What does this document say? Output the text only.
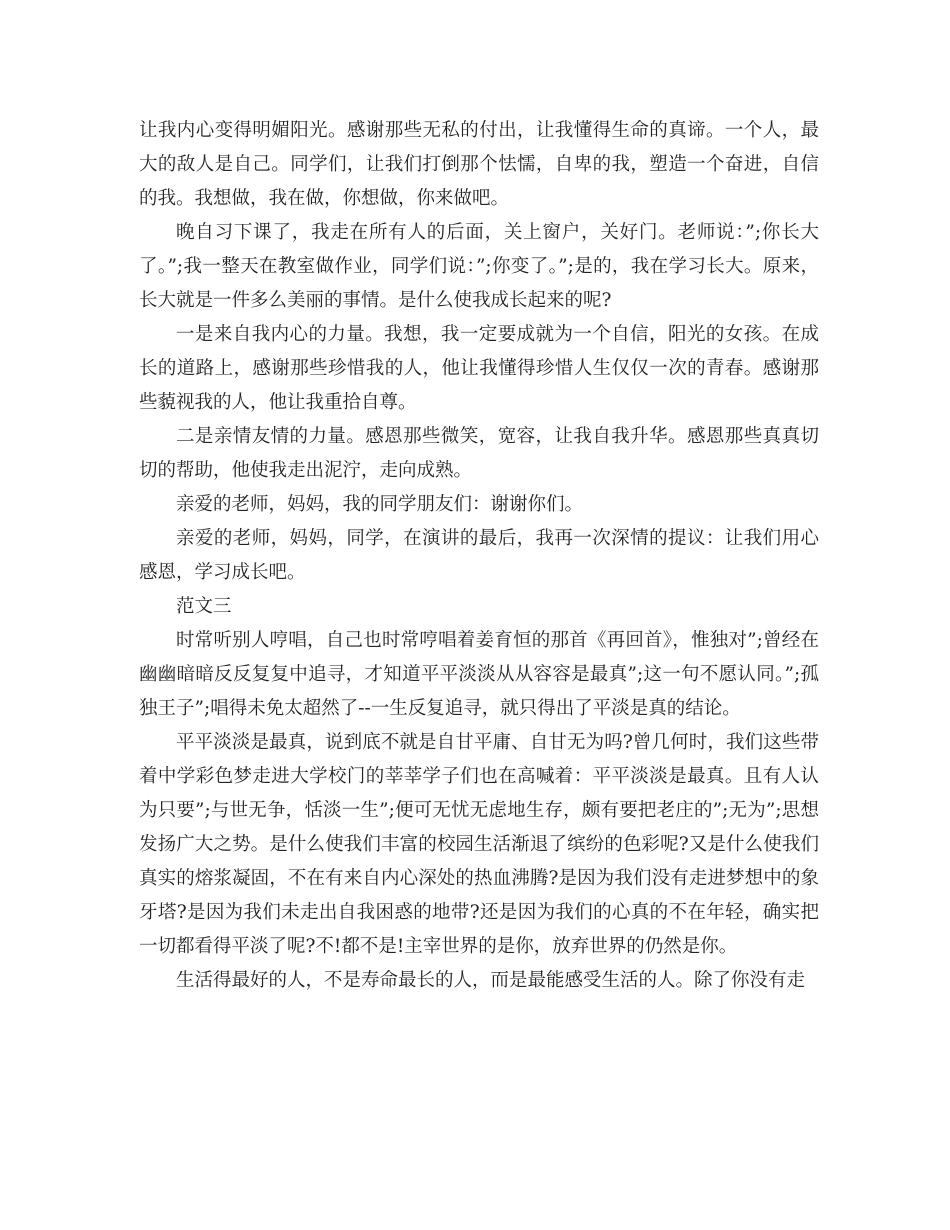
让我内心变得明媚阳光。感谢那些无私的付出，让我懂得生命的真谛。一个人，最大的敌人是自己。同学们，让我们打倒那个怯懦，自卑的我，塑造一个奋进，自信的我。我想做，我在做，你想做，你来做吧。

晚自习下课了，我走在所有人的后面，关上窗户，关好门。老师说：”;你长大了。”;我一整天在教室做作业，同学们说：”;你变了。”;是的，我在学习长大。原来，长大就是一件多么美丽的事情。是什么使我成长起来的呢?

一是来自我内心的力量。我想，我一定要成就为一个自信，阳光的女孩。在成长的道路上，感谢那些珍惜我的人，他让我懂得珍惜人生仅仅一次的青春。感谢那些藐视我的人，他让我重拾自尊。

二是亲情友情的力量。感恩那些微笑，宽容，让我自我升华。感恩那些真真切切的帮助，他使我走出泥泞，走向成熟。

亲爱的老师，妈妈，我的同学朋友们：谢谢你们。

亲爱的老师，妈妈，同学，在演讲的最后，我再一次深情的提议：让我们用心感恩，学习成长吧。

范文三

时常听别人哼唱，自己也时常哼唱着姜育恒的那首《再回首》，惟独对”;曾经在幽幽暗暗反反复复中追寻，才知道平平淡淡从从容容是最真”;这一句不愿认同。”;孤独王子”;唱得未免太超然了--一生反复追寻，就只得出了平淡是真的结论。

平平淡淡是最真，说到底不就是自甘平庸、自甘无为吗?曾几何时，我们这些带着中学彩色梦走进大学校门的莘莘学子们也在高喊着：平平淡淡是最真。且有人认为只要”;与世无争，恬淡一生”;便可无忧无虑地生存，颇有要把老庄的”;无为”;思想发扬广大之势。是什么使我们丰富的校园生活渐退了缤纷的色彩呢?又是什么使我们真实的熔浆凝固，不在有来自内心深处的热血沸腾?是因为我们没有走进梦想中的象牙塔?是因为我们未走出自我困惑的地带?还是因为我们的心真的不在年轻，确实把一切都看得平淡了呢?不!都不是!主宰世界的是你，放弃世界的仍然是你。

生活得最好的人，不是寿命最长的人，而是最能感受生活的人。除了你没有走
